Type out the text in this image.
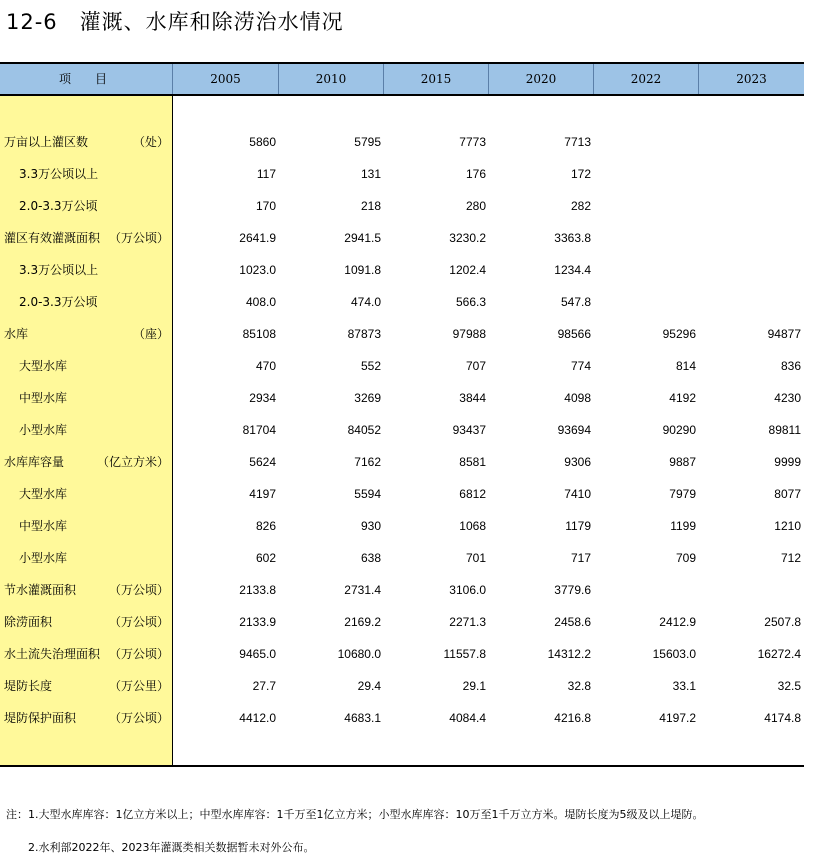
12-6　灌溉、水库和除涝治水情况
项　目	2005	2010	2015	2020	2022	2023
万亩以上灌区数	（处）	5860	5795	7773	7713
3.3万公顷以上	117	131	176	172
2.0-3.3万公顷	170	218	280	282
灌区有效灌溉面积 （万公顷）	2641.9	2941.5	3230.2	3363.8
3.3万公顷以上	1023.0	1091.8	1202.4	1234.4
2.0-3.3万公顷	408.0	474.0	566.3	547.8
水库	（座）	85108	87873	97988	98566	95296	94877
大型水库	470	552	707	774	814	836
中型水库	2934	3269	3844	4098	4192	4230
小型水库	81704	84052	93437	93694	90290	89811
水库库容量	（亿立方米）	5624	7162	8581	9306	9887	9999
大型水库	4197	5594	6812	7410	7979	8077
中型水库	826	930	1068	1179	1199	1210
小型水库	602	638	701	717	709	712
节水灌溉面积	（万公顷）	2133.8	2731.4	3106.0	3779.6
除涝面积	（万公顷）	2133.9	2169.2	2271.3	2458.6	2412.9	2507.8
水土流失治理面积 （万公顷）	9465.0	10680.0	11557.8	14312.2	15603.0	16272.4
堤防长度	（万公里）	27.7	29.4	29.1	32.8	33.1	32.5
堤防保护面积	（万公顷）	4412.0	4683.1	4084.4	4216.8	4197.2	4174.8
注：1.大型水库库容：1亿立方米以上；中型水库库容：1千万至1亿立方米；小型水库库容：10万至1千万立方米。堤防长度为5级及以上堤防。
　　2.水利部2022年、2023年灌溉类相关数据暂未对外公布。
